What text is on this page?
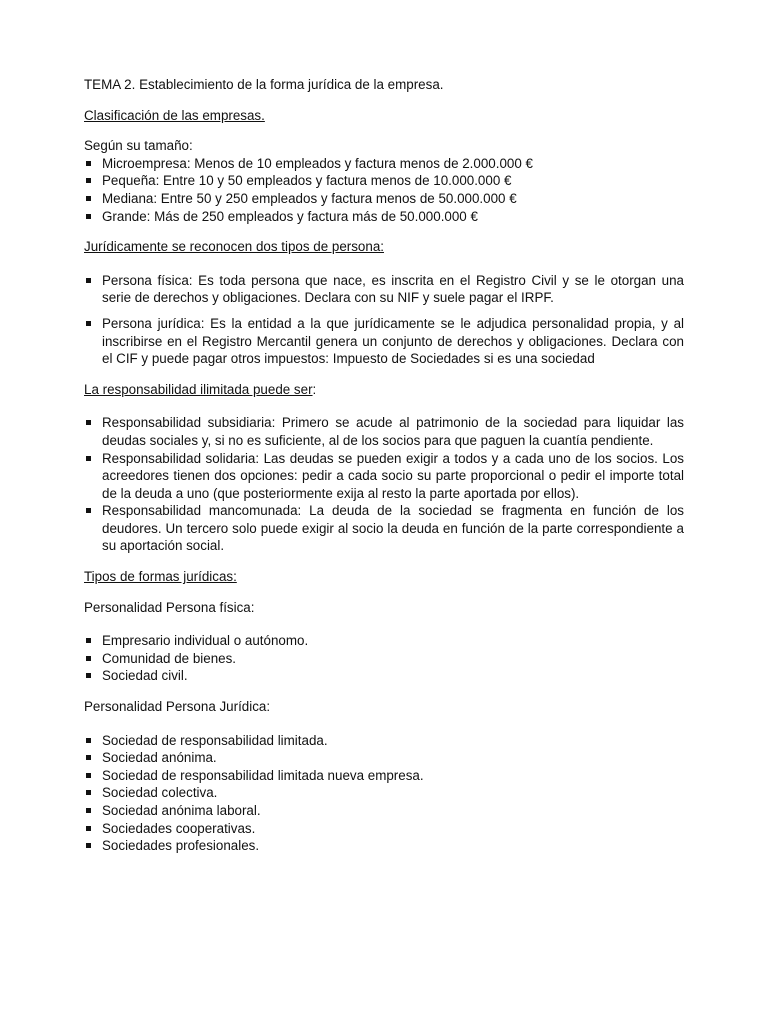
TEMA 2. Establecimiento de la forma jurídica de la empresa.

Clasificación de las empresas.

Según su tamaño:

Microempresa: Menos de 10 empleados y factura menos de 2.000.000 €
Pequeña: Entre 10 y 50 empleados y factura menos de 10.000.000 €
Mediana: Entre 50 y 250 empleados y factura menos de 50.000.000 €
Grande: Más de 250 empleados y factura más de 50.000.000 €

Jurídicamente se reconocen dos tipos de persona:

Persona física: Es toda persona que nace, es inscrita en el Registro Civil y se le otorgan una serie de derechos y obligaciones. Declara con su NIF y suele pagar el IRPF.
Persona jurídica: Es la entidad a la que jurídicamente se le adjudica personalidad propia, y al inscribirse en el Registro Mercantil genera un conjunto de derechos y obligaciones. Declara con el CIF y puede pagar otros impuestos: Impuesto de Sociedades si es una sociedad

La responsabilidad ilimitada puede ser:

Responsabilidad subsidiaria: Primero se acude al patrimonio de la sociedad para liquidar las deudas sociales y, si no es suficiente, al de los socios para que paguen la cuantía pendiente.
Responsabilidad solidaria: Las deudas se pueden exigir a todos y a cada uno de los socios. Los acreedores tienen dos opciones: pedir a cada socio su parte proporcional o pedir el importe total de la deuda a uno (que posteriormente exija al resto la parte aportada por ellos).
Responsabilidad mancomunada: La deuda de la sociedad se fragmenta en función de los deudores. Un tercero solo puede exigir al socio la deuda en función de la parte correspondiente a su aportación social.

Tipos de formas jurídicas:

Personalidad Persona física:

Empresario individual o autónomo.
Comunidad de bienes.
Sociedad civil.

Personalidad Persona Jurídica:

Sociedad de responsabilidad limitada.
Sociedad anónima.
Sociedad de responsabilidad limitada nueva empresa.
Sociedad colectiva.
Sociedad anónima laboral.
Sociedades cooperativas.
Sociedades profesionales.
